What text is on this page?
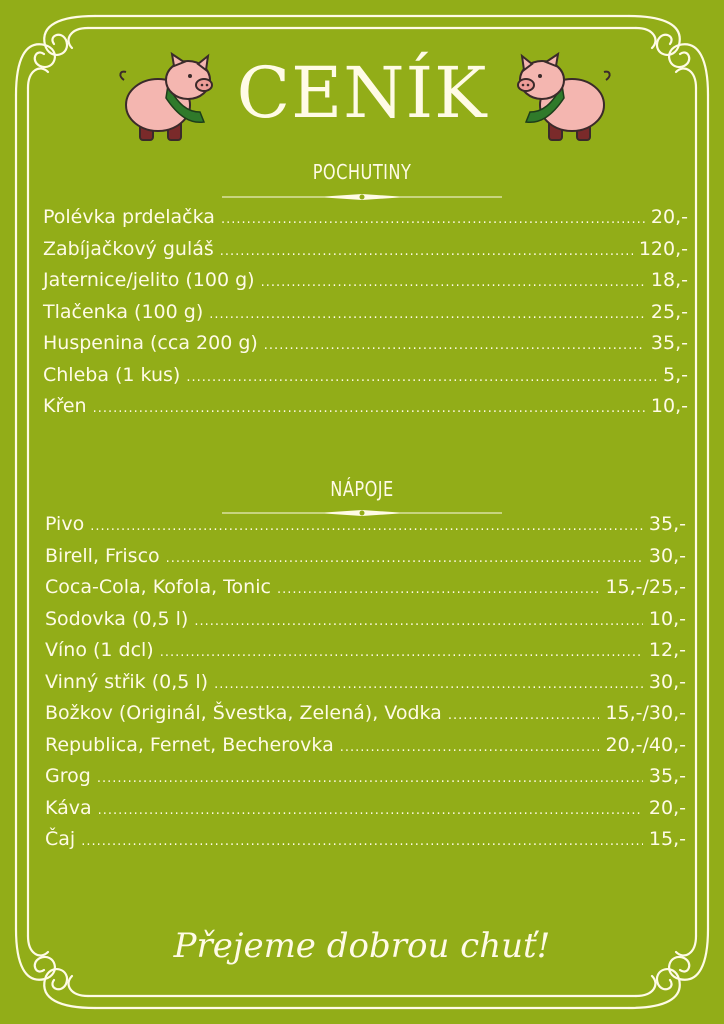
CENÍK
POCHUTINY
Polévka prdelačka .....	20,-
Zabíjačkový guláš .....	120,-
Jaternice/jelito (100 g) .....	18,-
Tlačenka (100 g) .....	25,-
Huspenina (cca 200 g) .....	35,-
Chleba (1 kus) .....	5,-
Křen .....	10,-
NÁPOJE
Pivo .....	35,-
Birell, Frisco .....	30,-
Coca-Cola, Kofola, Tonic .....	15,-/25,-
Sodovka (0,5 l) .....	10,-
Víno (1 dcl) .....	12,-
Vinný střik (0,5 l) .....	30,-
Božkov (Originál, Švestka, Zelená), Vodka .....	15,-/30,-
Republica, Fernet, Becherovka .....	20,-/40,-
Grog .....	35,-
Káva .....	20,-
Čaj .....	15,-
Přejeme dobrou chuť!
